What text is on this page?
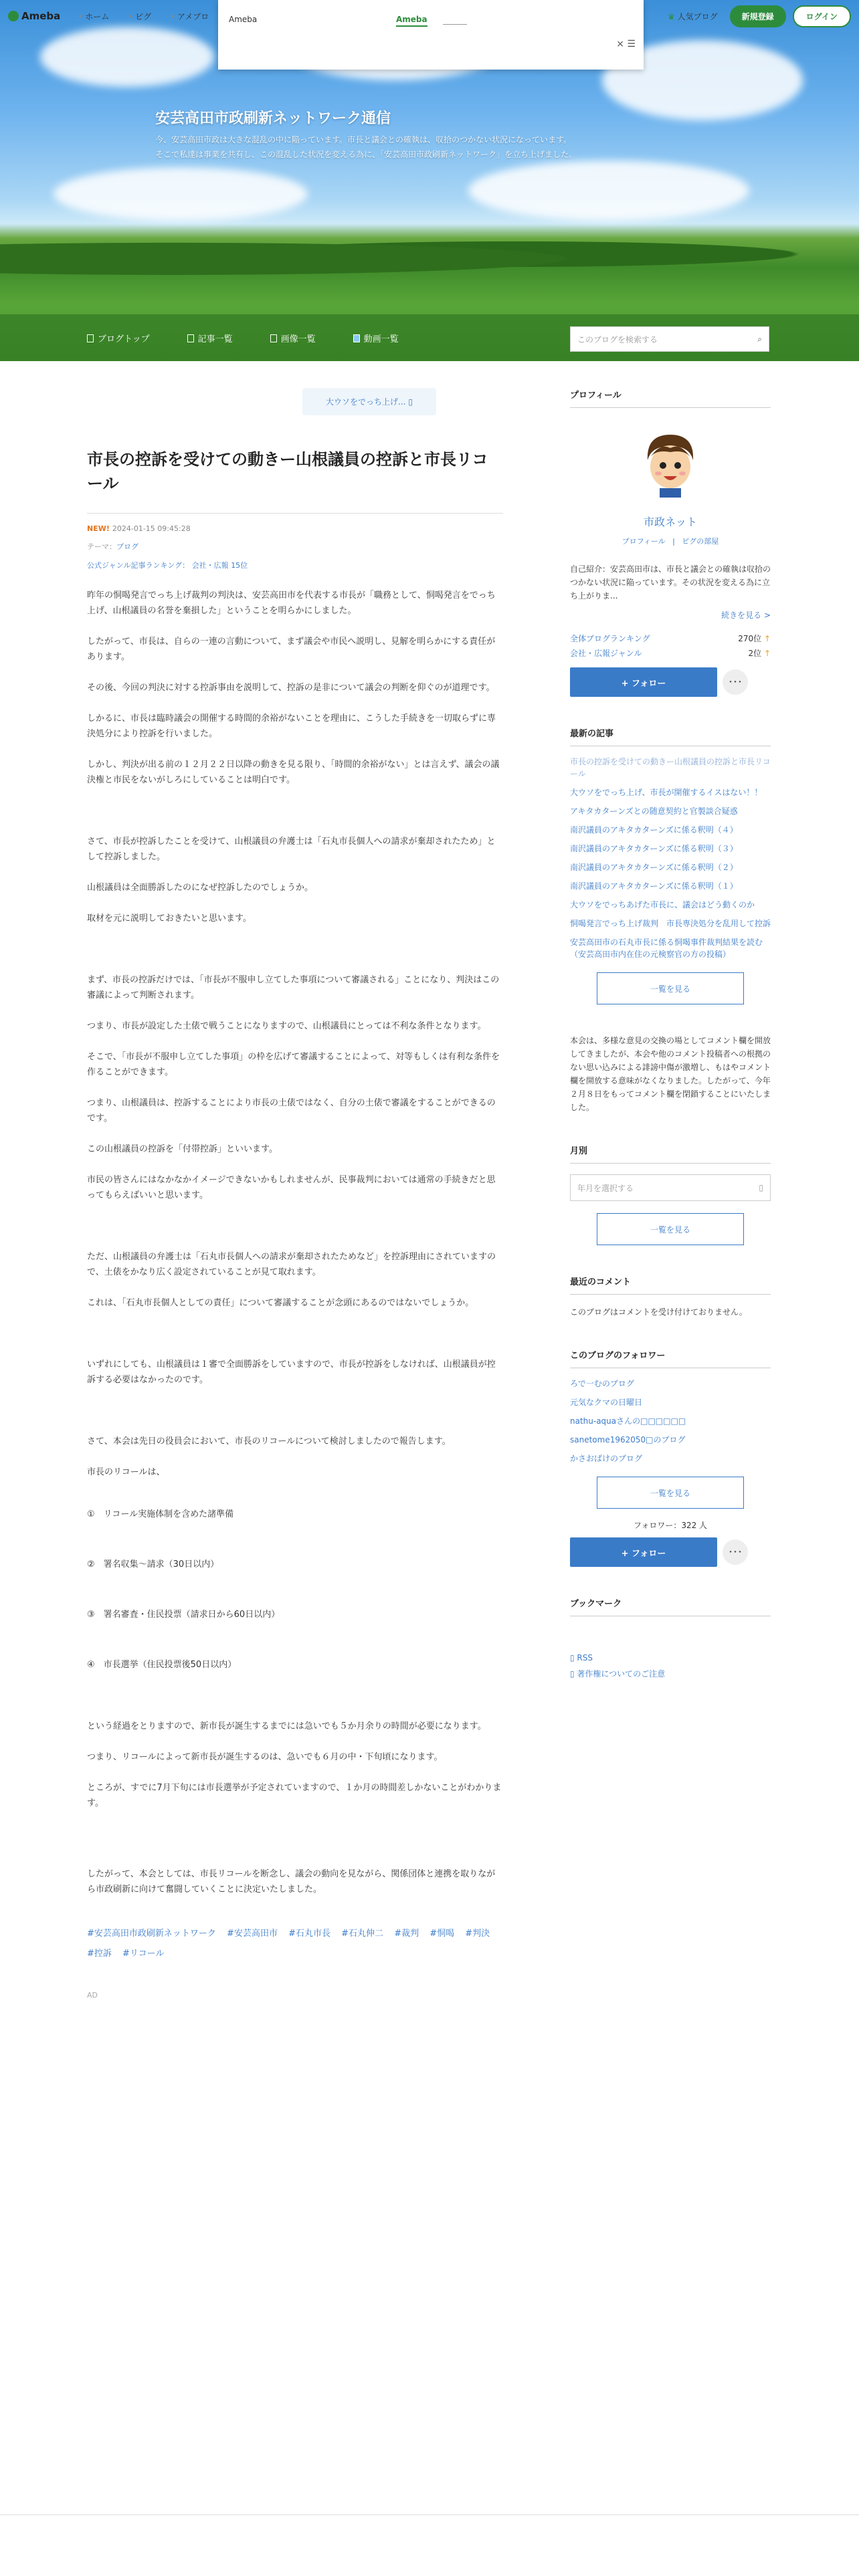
Ameba	• ホーム	• ピグ	• アメブロ	♛ 人気ブログ	新規登録	ログイン
Ameba	Ameba
× ☰
安芸高田市政刷新ネットワーク通信
今、安芸高田市政は大きな混乱の中に陥っています。市長と議会との確執は、収拾のつかない状況になっています。
そこで私達は事業を共有し、この混乱した状況を変える為に、「安芸高田市政刷新ネットワーク」を立ち上げました。
ブログトップ	記事一覧	画像一覧	動画一覧	このブログを検索する	⌕
大ウソをでっち上げ... ▯
市長の控訴を受けての動きー山根議員の控訴と市長リコール
NEW! 2024-01-15 09:45:28
テーマ：ブログ
公式ジャンル記事ランキング： 会社・広報 15位

昨年の恫喝発言でっち上げ裁判の判決は、安芸高田市を代表する市長が「職務として、恫喝発言をでっち上げ、山根議員の名誉を棄損した」ということを明らかにしました。

したがって、市長は、自らの一連の言動について、まず議会や市民へ説明し、見解を明らかにする責任があります。

その後、今回の判決に対する控訴事由を説明して、控訴の是非について議会の判断を仰ぐのが道理です。

しかるに、市長は臨時議会の開催する時間的余裕がないことを理由に、こうした手続きを一切取らずに専決処分により控訴を行いました。

しかし、判決が出る前の１２月２２日以降の動きを見る限り、「時間的余裕がない」とは言えず、議会の議決権と市民をないがしろにしていることは明白です。

さて、市長が控訴したことを受けて、山根議員の弁護士は「石丸市長個人への請求が棄却されたため」として控訴しました。

山根議員は全面勝訴したのになぜ控訴したのでしょうか。

取材を元に説明しておきたいと思います。

まず、市長の控訴だけでは、「市長が不服申し立てした事項について審議される」ことになり、判決はこの審議によって判断されます。

つまり、市長が設定した土俵で戦うことになりますので、山根議員にとっては不利な条件となります。

そこで、「市長が不服申し立てした事項」の枠を広げて審議することによって、対等もしくは有利な条件を作ることができます。

つまり、山根議員は、控訴することにより市長の土俵ではなく、自分の土俵で審議をすることができるのです。

この山根議員の控訴を「付帯控訴」といいます。

市民の皆さんにはなかなかイメージできないかもしれませんが、民事裁判においては通常の手続きだと思ってもらえばいいと思います。

ただ、山根議員の弁護士は「石丸市長個人への請求が棄却されたためなど」を控訴理由にされていますので、土俵をかなり広く設定されていることが見て取れます。

これは、「石丸市長個人としての責任」について審議することが念頭にあるのではないでしょうか。

いずれにしても、山根議員は１審で全面勝訴をしていますので、市長が控訴をしなければ、山根議員が控訴する必要はなかったのです。

さて、本会は先日の役員会において、市長のリコールについて検討しましたので報告します。

市長のリコールは、

①　リコール実施体制を含めた諸準備

②　署名収集～請求（30日以内）

③　署名審査・住民投票（請求日から60日以内）

④　市長選挙（住民投票後50日以内）

という経過をとりますので、新市長が誕生するまでには急いでも５か月余りの時間が必要になります。

つまり、リコールによって新市長が誕生するのは、急いでも６月の中・下旬頃になります。

ところが、すでに7月下旬には市長選挙が予定されていますので、１か月の時間差しかないことがわかります。

したがって、本会としては、市長リコールを断念し、議会の動向を見ながら、関係団体と連携を取りながら市政刷新に向けて奮闘していくことに決定いたしました。

#安芸高田市政刷新ネットワーク #安芸高田市 #石丸市長 #石丸伸二 #裁判 #恫喝 #判決 #控訴 #リコール
AD
プロフィール
市政ネット
プロフィール   |   ピグの部屋
自己紹介：安芸高田市は、市長と議会との確執は収拾のつかない状況に陥っています。その状況を変える為に立ち上がりま...
続きを見る >
全体ブログランキング	270位 ↑
会社・広報ジャンル	2位 ↑
+ フォロー	･･･
最新の記事
市長の控訴を受けての動きー山根議員の控訴と市長リコール
大ウソをでっち上げ、市長が開催するイスはない！！
アキタカターンズとの随意契約と官製談合疑惑
南沢議員のアキタカターンズに係る釈明（４）
南沢議員のアキタカターンズに係る釈明（３）
南沢議員のアキタカターンズに係る釈明（２）
南沢議員のアキタカターンズに係る釈明（１）
大ウソをでっちあげた市長に、議会はどう動くのか
恫喝発言でっち上げ裁判　市長専決処分を乱用して控訴
安芸高田市の石丸市長に係る恫喝事件裁判結果を読む（安芸高田市内在住の元検察官の方の投稿）
一覧を見る
本会は、多様な意見の交換の場としてコメント欄を開放してきましたが、本会や他のコメント投稿者への根拠のない思い込みによる誹謗中傷が激増し、もはやコメント欄を開放する意味がなくなりました。したがって、今年２月８日をもってコメント欄を閉鎖することにいたしました。
月別
年月を選択する	▯
一覧を見る
最近のコメント
このブログはコメントを受け付けておりません。
このブログのフォロワー
ろで一むのブログ
元気なクマの日曜日
nathu-aquaさんの□□□□□□
sanetome1962050□のブログ
かさおばけのブログ
一覧を見る
フォロワー：322 人
+ フォロー	･･･
ブックマーク
▯ RSS
▯ 著作権についてのご注意
